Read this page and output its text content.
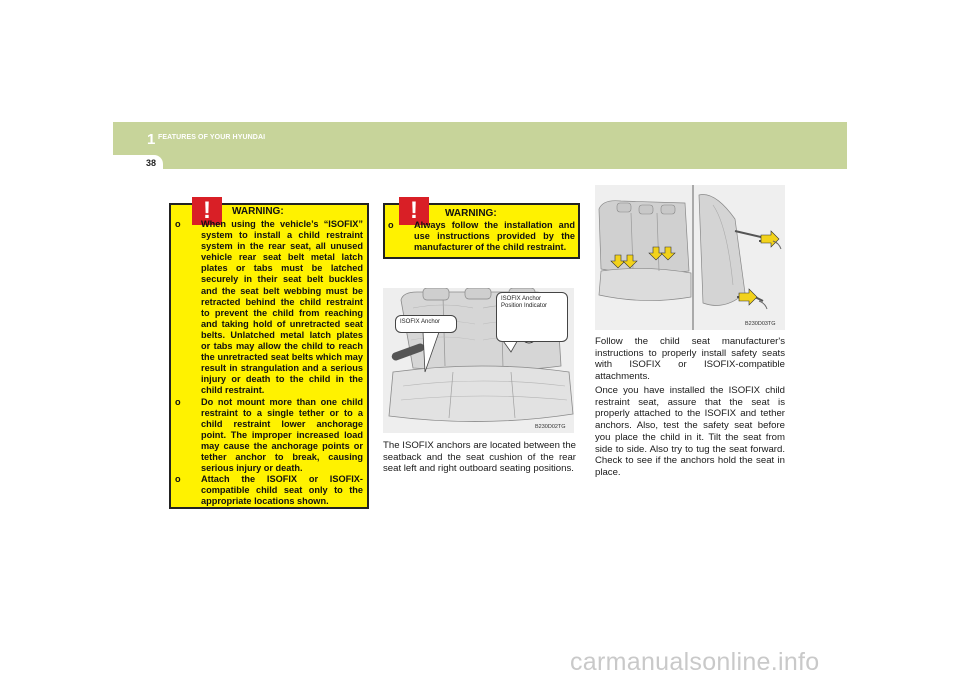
1 FEATURES OF YOUR HYUNDAI
38
!	WARNING:
o When using the vehicle’s “ISOFIX” system to install a child restraint system in the rear seat, all unused vehicle rear seat belt metal latch plates or tabs must be latched securely in their seat belt buckles and the seat belt webbing must be retracted behind the child restraint to prevent the child from reaching and taking hold of unretracted seat belts. Unlatched metal latch plates or tabs may allow the child to reach the unretracted seat belts which may result in strangulation and a serious injury or death to the child in the child restraint.
o Do not mount more than one child restraint to a single tether or to a child restraint lower anchorage point. The improper increased load may cause the anchorage points or tether anchor to break, causing serious injury or death.
o Attach the ISOFIX or ISOFIX-compatible child seat only to the appropriate locations shown.
!	WARNING:
o Always follow the installation and use instructions provided by the manufacturer of the child restraint.
ISOFIX Anchor
ISOFIX Anchor Position Indicator
B230D02TG
B230D03TG

The ISOFIX anchors are located between the seatback and the seat cushion of the rear seat left and right outboard seating positions.

Follow the child seat manufacturer's instructions to properly install safety seats with ISOFIX or ISOFIX-compatible attachments.

Once you have installed the ISOFIX child restraint seat, assure that the seat is properly attached to the ISOFIX and tether anchors. Also, test the safety seat before you place the child in it. Tilt the seat from side to side. Also try to tug the seat forward. Check to see if the anchors hold the seat in place.

carmanualsonline.info
